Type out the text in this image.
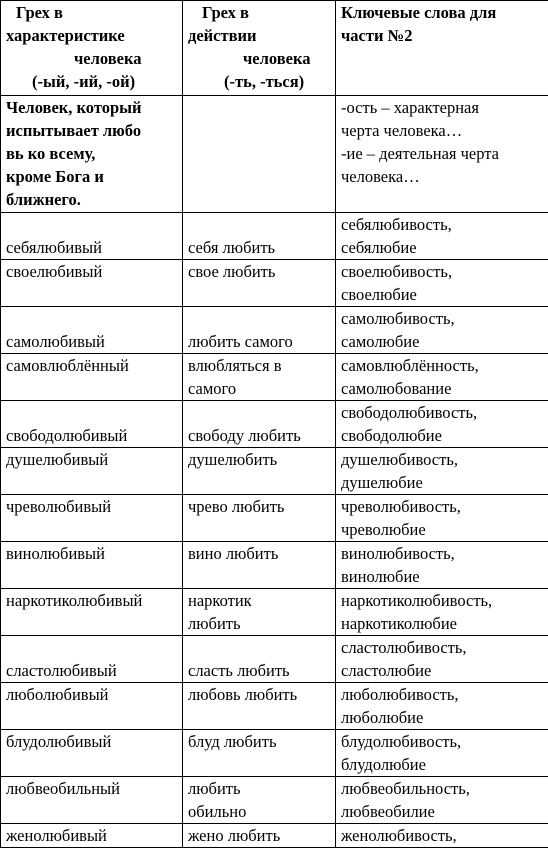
Грех в
характеристике
человека
(-ый, -ий, -ой)	Грех в
действии
человека
(-ть, -ться)	Ключевые слова для
части №2

Человек, который
испытывает любо
вь ко всему,
кроме Бога и
ближнего.		-ость – характерная
черта человека…
-ие – деятельная черта
человека…

себялюбивый	себя любить	себялюбивость,
себялюбие

своелюбивый	свое любить	своелюбивость,
своелюбие

самолюбивый	любить самого	самолюбивость,
самолюбие

самовлюблённый	влюбляться в
самого	самовлюблённость,
самолюбование

свободолюбивый	свободу любить	свободолюбивость,
свободолюбие

душелюбивый	душелюбить	душелюбивость,
душелюбие

чреволюбивый	чрево любить	чреволюбивость,
чреволюбие

винолюбивый	вино любить	винолюбивость,
винолюбие

наркотиколюбивый	наркотик
любить	наркотиколюбивость,
наркотиколюбие

сластолюбивый	сласть любить	сластолюбивость,
сластолюбие

люболюбивый	любовь любить	любoлюбивость,
любoлюбие

блудолюбивый	блуд любить	блудолюбивость,
блудолюбие

любвеобильный	любить
обильно	любвеобильность,
любвеобилие

женолюбивый	жено любить	женолюбивость,
